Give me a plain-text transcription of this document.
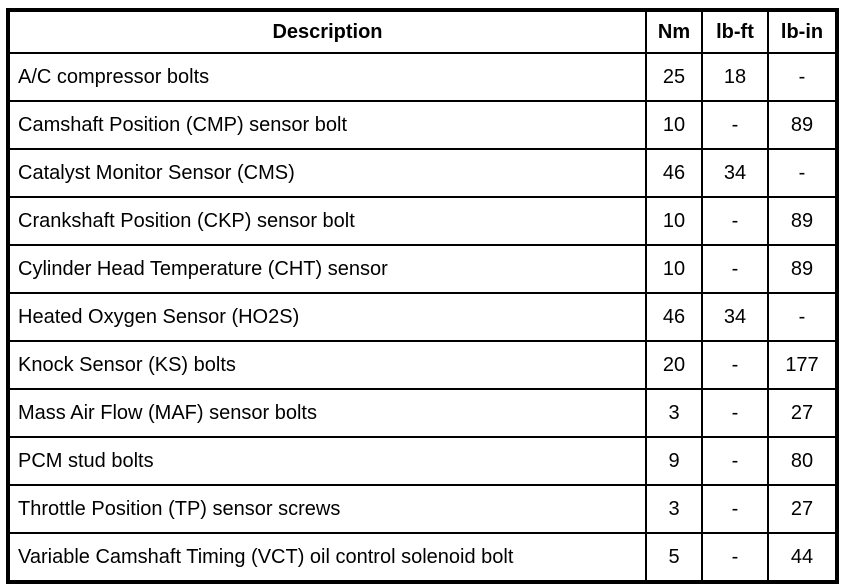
Description	Nm	lb-ft	lb-in
A/C compressor bolts	25	18	-
Camshaft Position (CMP) sensor bolt	10	-	89
Catalyst Monitor Sensor (CMS)	46	34	-
Crankshaft Position (CKP) sensor bolt	10	-	89
Cylinder Head Temperature (CHT) sensor	10	-	89
Heated Oxygen Sensor (HO2S)	46	34	-
Knock Sensor (KS) bolts	20	-	177
Mass Air Flow (MAF) sensor bolts	3	-	27
PCM stud bolts	9	-	80
Throttle Position (TP) sensor screws	3	-	27
Variable Camshaft Timing (VCT) oil control solenoid bolt	5	-	44
